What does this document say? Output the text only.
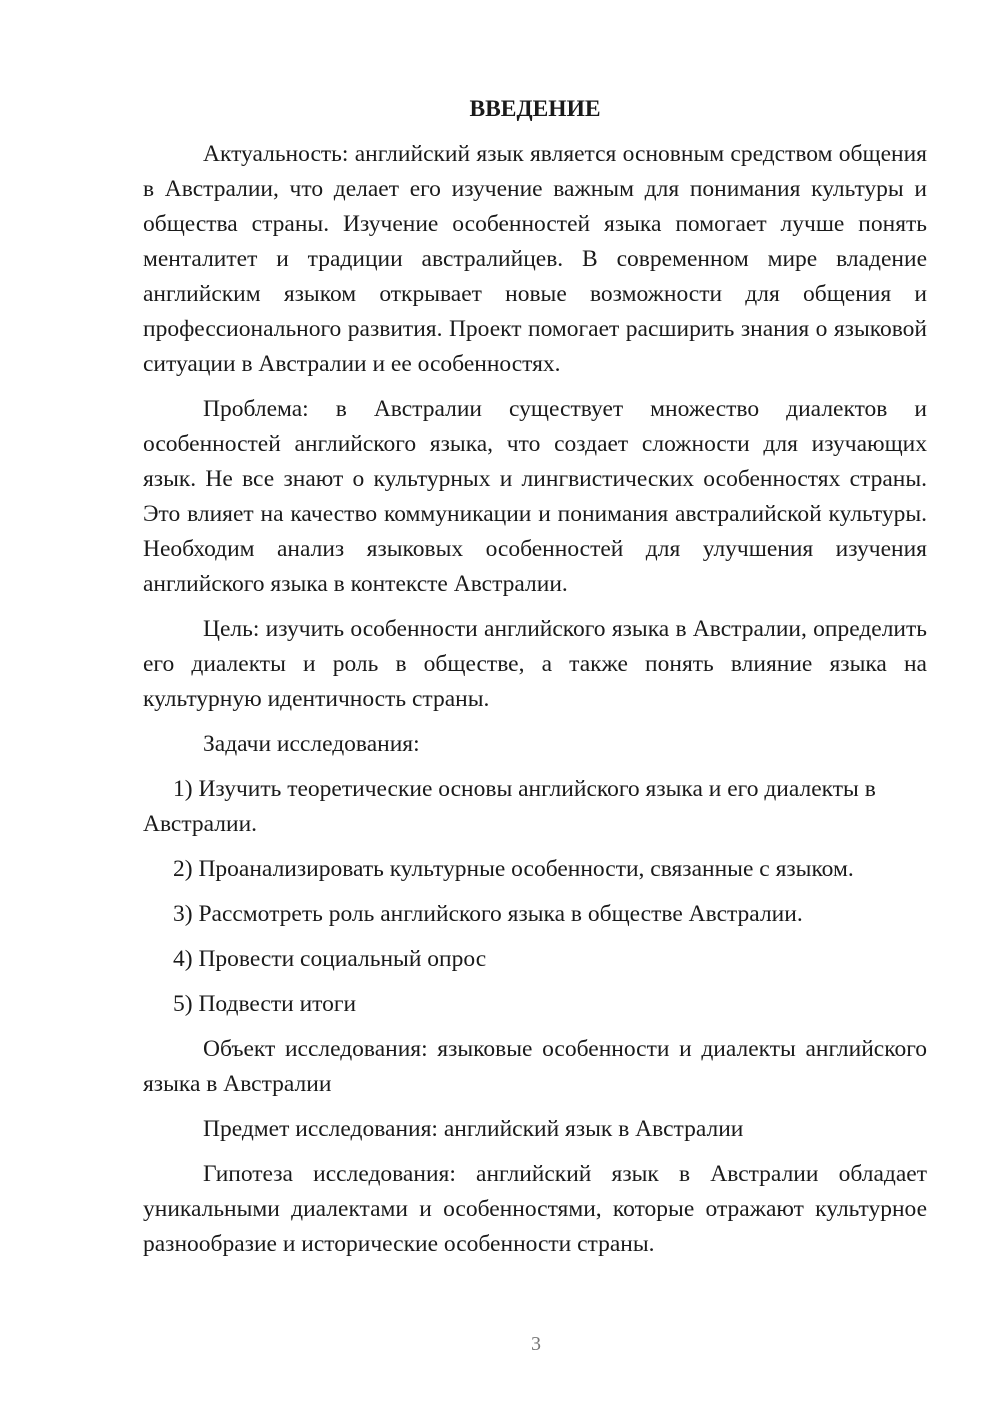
ВВЕДЕНИЕ

Актуальность: английский язык является основным средством общения в Австралии, что делает его изучение важным для понимания культуры и общества страны. Изучение особенностей языка помогает лучше понять менталитет и традиции австралийцев. В современном мире владение английским языком открывает новые возможности для общения и профессионального развития. Проект помогает расширить знания о языковой ситуации в Австралии и ее особенностях.

Проблема: в Австралии существует множество диалектов и особенностей английского языка, что создает сложности для изучающих язык. Не все знают о культурных и лингвистических особенностях страны. Это влияет на качество коммуникации и понимания австралийской культуры. Необходим анализ языковых особенностей для улучшения изучения английского языка в контексте Австралии.

Цель: изучить особенности английского языка в Австралии, определить его диалекты и роль в обществе, а также понять влияние языка на культурную идентичность страны.

Задачи исследования:

1) Изучить теоретические основы английского языка и его диалекты в Австралии.

2) Проанализировать культурные особенности, связанные с языком.

3) Рассмотреть роль английского языка в обществе Австралии.

4) Провести социальный опрос

5) Подвести итоги

Объект исследования: языковые особенности и диалекты английского языка в Австралии

Предмет исследования: английский язык в Австралии

Гипотеза исследования: английский язык в Австралии обладает уникальными диалектами и особенностями, которые отражают культурное разнообразие и исторические особенности страны.

3
